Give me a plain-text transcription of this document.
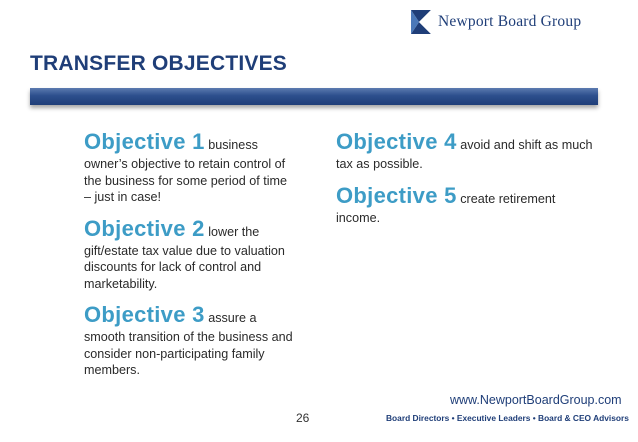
Newport Board Group
TRANSFER OBJECTIVES

Objective 1 business owner’s objective to retain control of the business for some period of time – just in case!

Objective 2 lower the gift/estate tax value due to valuation discounts for lack of control and marketability.

Objective 3 assure a smooth transition of the business and consider non-participating family members.

Objective 4 avoid and shift as much tax as possible.

Objective 5 create retirement income.

www.NewportBoardGroup.com
26	Board Directors • Executive Leaders • Board & CEO Advisors
